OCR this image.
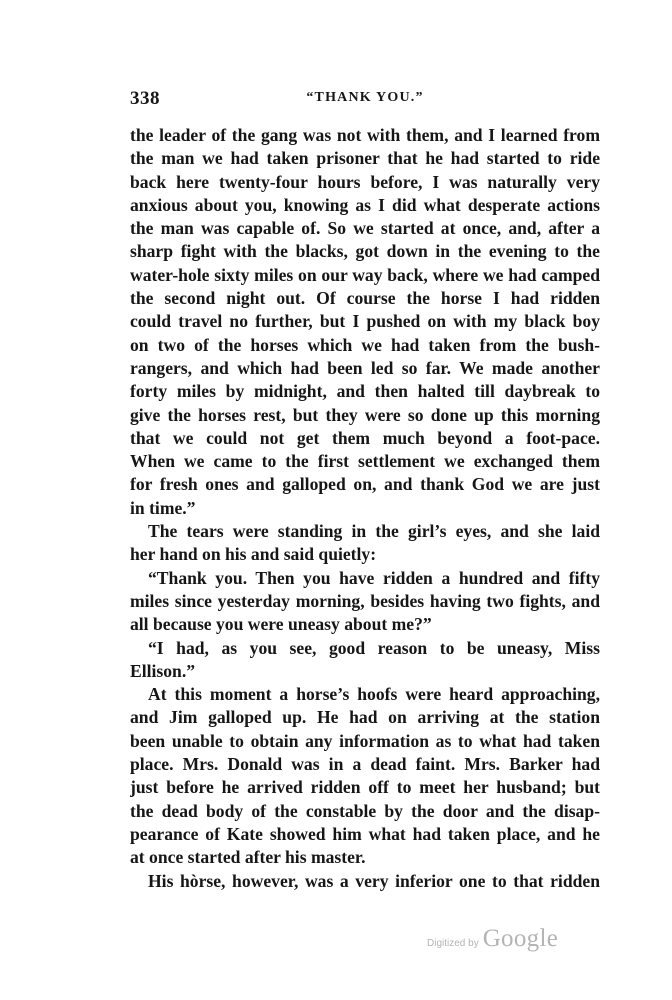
338	“THANK YOU.”
the leader of the gang was not with them, and I learned from
the man we had taken prisoner that he had started to ride
back here twenty-four hours before, I was naturally very
anxious about you, knowing as I did what desperate actions
the man was capable of. So we started at once, and, after a
sharp fight with the blacks, got down in the evening to the
water-hole sixty miles on our way back, where we had camped
the second night out. Of course the horse I had ridden
could travel no further, but I pushed on with my black boy
on two of the horses which we had taken from the bush-
rangers, and which had been led so far. We made another
forty miles by midnight, and then halted till daybreak to
give the horses rest, but they were so done up this morning
that we could not get them much beyond a foot-pace.
When we came to the first settlement we exchanged them
for fresh ones and galloped on, and thank God we are just
in time.”
The tears were standing in the girl’s eyes, and she laid
her hand on his and said quietly:
“Thank you. Then you have ridden a hundred and fifty
miles since yesterday morning, besides having two fights, and
all because you were uneasy about me?”
“I had, as you see, good reason to be uneasy, Miss
Ellison.”
At this moment a horse’s hoofs were heard approaching,
and Jim galloped up. He had on arriving at the station
been unable to obtain any information as to what had taken
place. Mrs. Donald was in a dead faint. Mrs. Barker had
just before he arrived ridden off to meet her husband; but
the dead body of the constable by the door and the disap-
pearance of Kate showed him what had taken place, and he
at once started after his master.
His hòrse, however, was a very inferior one to that ridden
Digitized by Google
